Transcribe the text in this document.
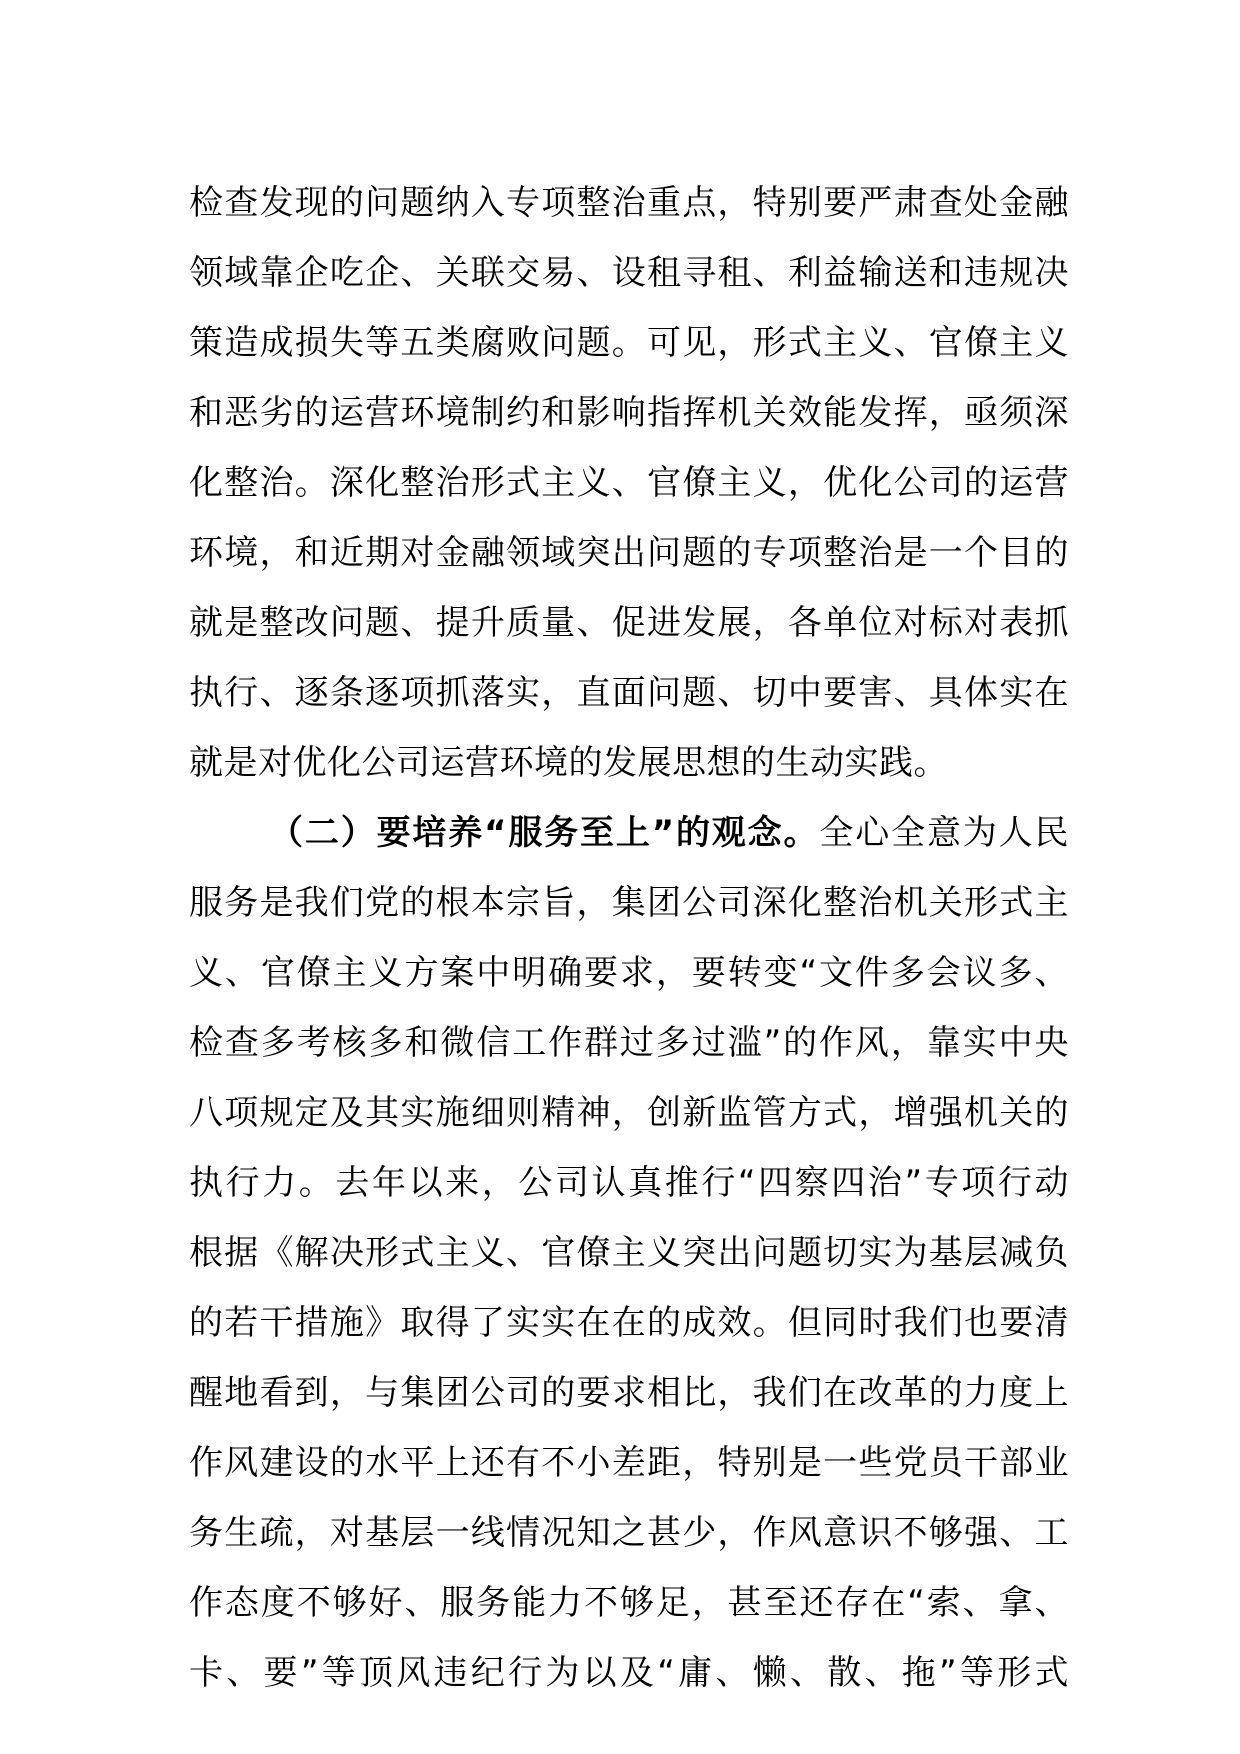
检查发现的问题纳入专项整治重点，特别要严肃查处金融
领域靠企吃企、关联交易、设租寻租、利益输送和违规决
策造成损失等五类腐败问题。可见，形式主义、官僚主义
和恶劣的运营环境制约和影响指挥机关效能发挥，亟须深
化整治。深化整治形式主义、官僚主义，优化公司的运营
环境，和近期对金融领域突出问题的专项整治是一个目的
就是整改问题、提升质量、促进发展，各单位对标对表抓
执行、逐条逐项抓落实，直面问题、切中要害、具体实在
就是对优化公司运营环境的发展思想的生动实践。
（二）要培养“服务至上”的观念。全心全意为人民
服务是我们党的根本宗旨，集团公司深化整治机关形式主
义、官僚主义方案中明确要求，要转变“文件多会议多、
检查多考核多和微信工作群过多过滥”的作风，靠实中央
八项规定及其实施细则精神，创新监管方式，增强机关的
执行力。去年以来，公司认真推行“四察四治”专项行动
根据《解决形式主义、官僚主义突出问题切实为基层减负
的若干措施》取得了实实在在的成效。但同时我们也要清
醒地看到，与集团公司的要求相比，我们在改革的力度上
作风建设的水平上还有不小差距，特别是一些党员干部业
务生疏，对基层一线情况知之甚少，作风意识不够强、工
作态度不够好、服务能力不够足，甚至还存在“索、拿、
卡、要”等顶风违纪行为以及“庸、懒、散、拖”等形式
